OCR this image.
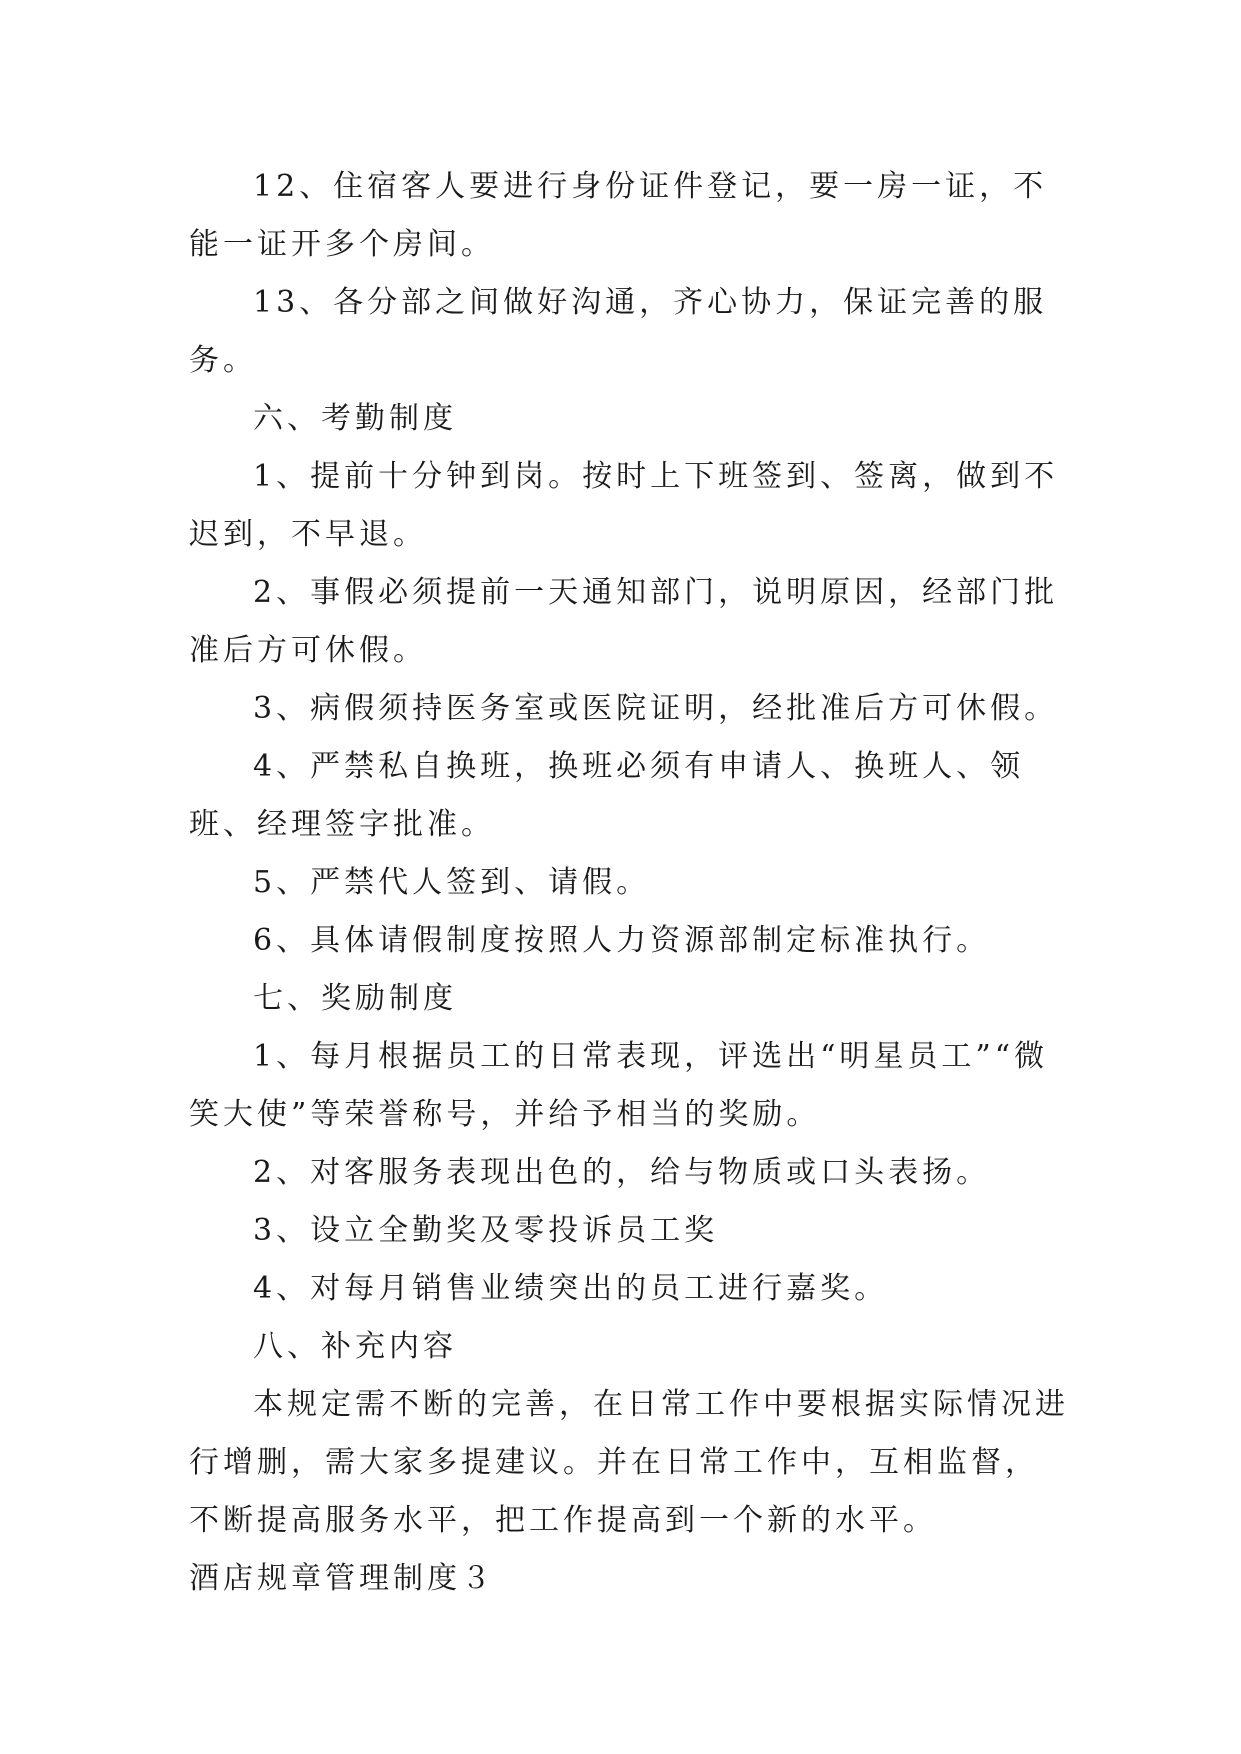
12、住宿客人要进行身份证件登记，要一房一证，不能一证开多个房间。

13、各分部之间做好沟通，齐心协力，保证完善的服务。

六、考勤制度

1、提前十分钟到岗。按时上下班签到、签离，做到不迟到，不早退。

2、事假必须提前一天通知部门，说明原因，经部门批准后方可休假。

3、病假须持医务室或医院证明，经批准后方可休假。

4、严禁私自换班，换班必须有申请人、换班人、领班、经理签字批准。

5、严禁代人签到、请假。

6、具体请假制度按照人力资源部制定标准执行。

七、奖励制度

1、每月根据员工的日常表现，评选出“明星员工”“微笑大使”等荣誉称号，并给予相当的奖励。

2、对客服务表现出色的，给与物质或口头表扬。

3、设立全勤奖及零投诉员工奖

4、对每月销售业绩突出的员工进行嘉奖。

八、补充内容

本规定需不断的完善，在日常工作中要根据实际情况进行增删，需大家多提建议。并在日常工作中，互相监督，不断提高服务水平，把工作提高到一个新的水平。

酒店规章管理制度３
